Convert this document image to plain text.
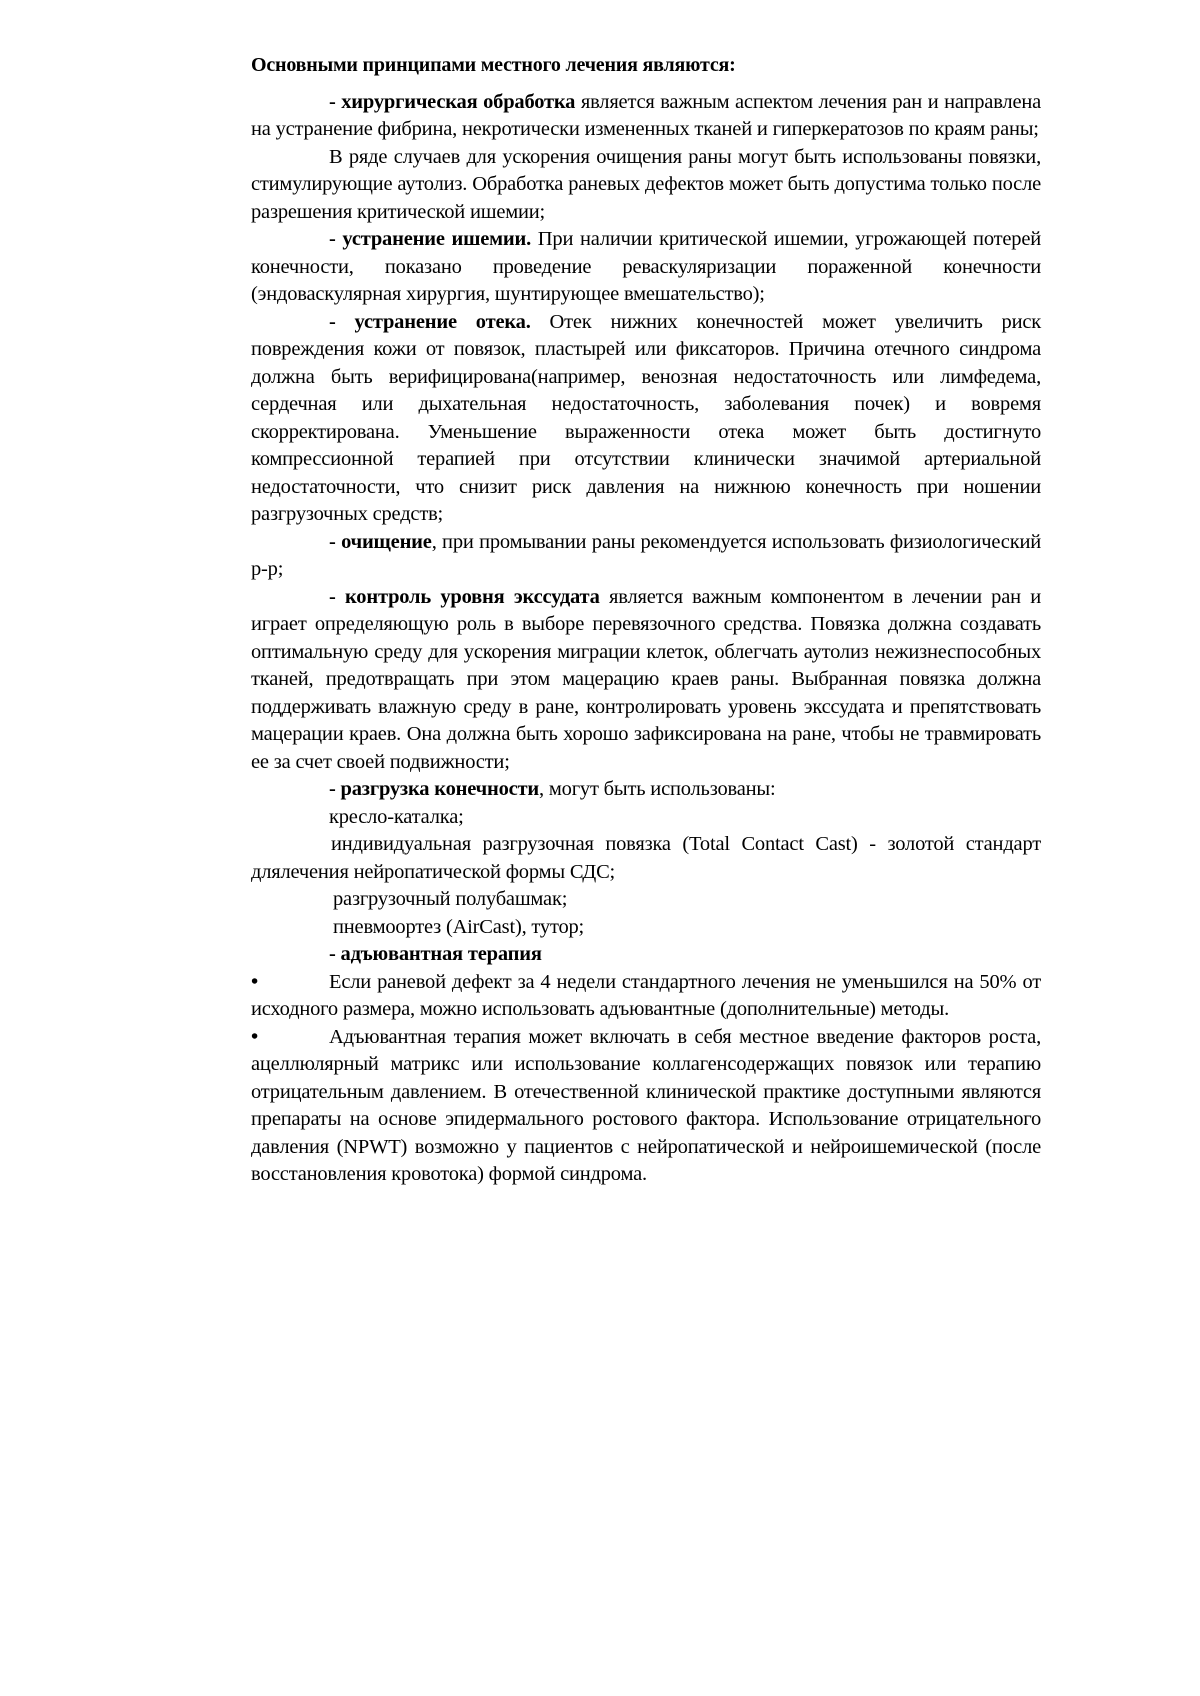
Основными принципами местного лечения являются:

- хирургическая обработка является важным аспектом лечения ран и направлена на устранение фибрина, некротически измененных тканей и гиперкератозов по краям раны;

В ряде случаев для ускорения очищения раны могут быть использованы повязки, стимулирующие аутолиз. Обработка раневых дефектов может быть допустима только после разрешения критической ишемии;

- устранение ишемии. При наличии критической ишемии, угрожающей потерей конечности, показано проведение реваскуляризации пораженной конечности (эндоваскулярная хирургия, шунтирующее вмешательство);

- устранение отека. Отек нижних конечностей может увеличить риск повреждения кожи от повязок, пластырей или фиксаторов. Причина отечного синдрома должна быть верифицирована(например, венозная недостаточность или лимфедема, сердечная или дыхательная недостаточность, заболевания почек) и вовремя скорректирована. Уменьшение выраженности отека может быть достигнуто компрессионной терапией при отсутствии клинически значимой артериальной недостаточности, что снизит риск давления на нижнюю конечность при ношении разгрузочных средств;

- очищение, при промывании раны рекомендуется использовать физиологический р-р;

- контроль уровня экссудата является важным компонентом в лечении ран и играет определяющую роль в выборе перевязочного средства. Повязка должна создавать оптимальную среду для ускорения миграции клеток, облегчать аутолиз нежизнеспособных тканей, предотвращать при этом мацерацию краев раны. Выбранная повязка должна поддерживать влажную среду в ране, контролировать уровень экссудата и препятствовать мацерации краев. Она должна быть хорошо зафиксирована на ране, чтобы не травмировать ее за счет своей подвижности;

- разгрузка конечности, могут быть использованы:

кресло-каталка;

индивидуальная разгрузочная повязка (Total Contact Cast) - золотой стандарт длялечения нейропатической формы СДС;

разгрузочный полубашмак;

пневмоортез (AirCast), тутор;

- адъювантная терапия

•	Если раневой дефект за 4 недели стандартного лечения не уменьшился на 50% от исходного размера, можно использовать адъювантные (дополнительные) методы.

•	Адъювантная терапия может включать в себя местное введение факторов роста, ацеллюлярный матрикс или использование коллагенсодержащих повязок или терапию отрицательным давлением. В отечественной клинической практике доступными являются препараты на основе эпидермального ростового фактора. Использование отрицательного давления (NPWT) возможно у пациентов с нейропатической и нейроишемической (после восстановления кровотока) формой синдрома.
